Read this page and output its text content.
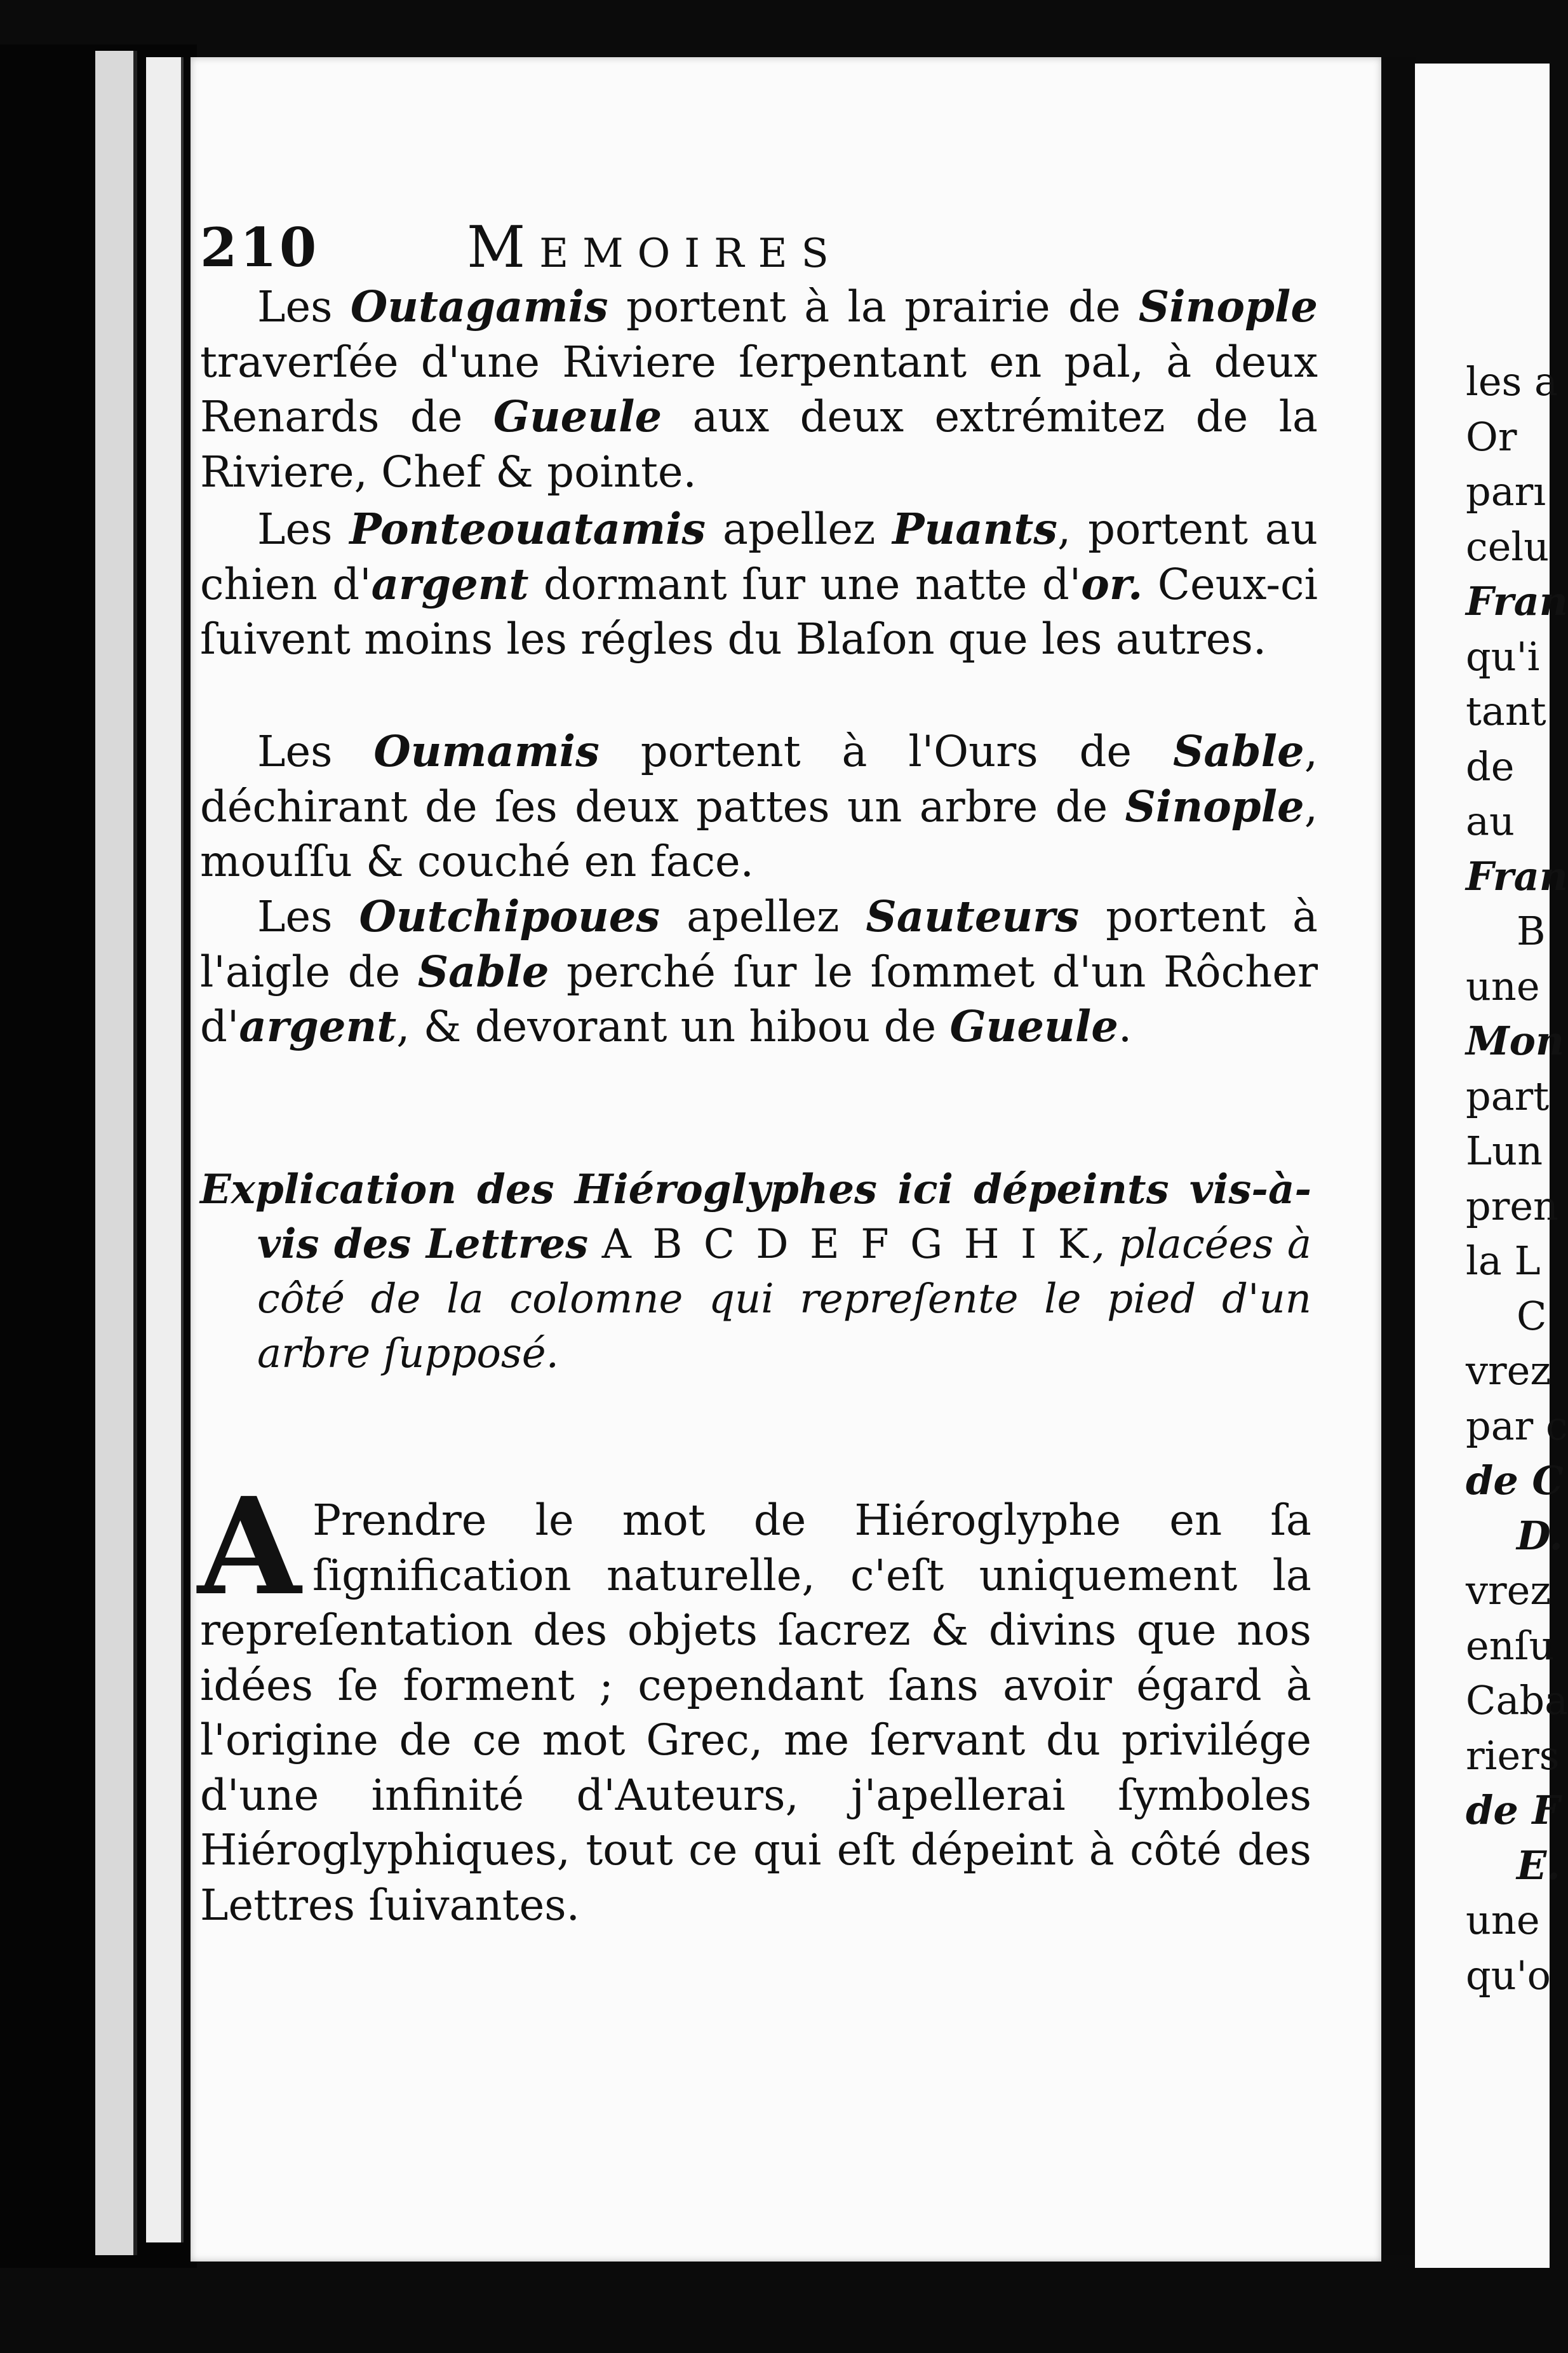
210	Memoires
Les Outagamis portent à la prairie de Sinople traverſée d'une Riviere ſerpentant en pal, à deux Renards de Gueule aux deux extrémitez de la Riviere, Chef & pointe.
Les Ponteouatamis apellez Puants, portent au chien d'argent dormant ſur une natte d'or. Ceux-ci ſuivent moins les régles du Blaſon que les autres.
Les Oumamis portent à l'Ours de Sable, déchirant de ſes deux pattes un arbre de Sinople, mouſſu & couché en face.
Les Outchipoues apellez Sauteurs portent à l'aigle de Sable perché ſur le ſommet d'un Rôcher d'argent, & devorant un hibou de Gueule.
Explication des Hiéroglyphes ici dépeints vis-à-vis des Lettres A B C D E F G H I K, placées à côté de la colomne qui repreſente le pied d'un arbre ſupposé.
A Prendre le mot de Hiéroglyphe en ſa ſignification naturelle, c'eſt uniquement la repreſentation des objets ſacrez & divins que nos idées ſe forment ; cependant ſans avoir égard à l'origine de ce mot Grec, me ſervant du privilége d'une infinité d'Auteurs, j'apellerai ſymboles Hiéroglyphiques, tout ce qui eſt dépeint à côté des Lettres ſuivantes.
les a
Or
parı
celu
Fran
qu'i
tant
de
au
Fran
B
une
Mon
part
Lun
pren
la L
C
vrez
par c
de C
D.
vrez
enſu
Caba
riers
de F
E.
une
qu'o
